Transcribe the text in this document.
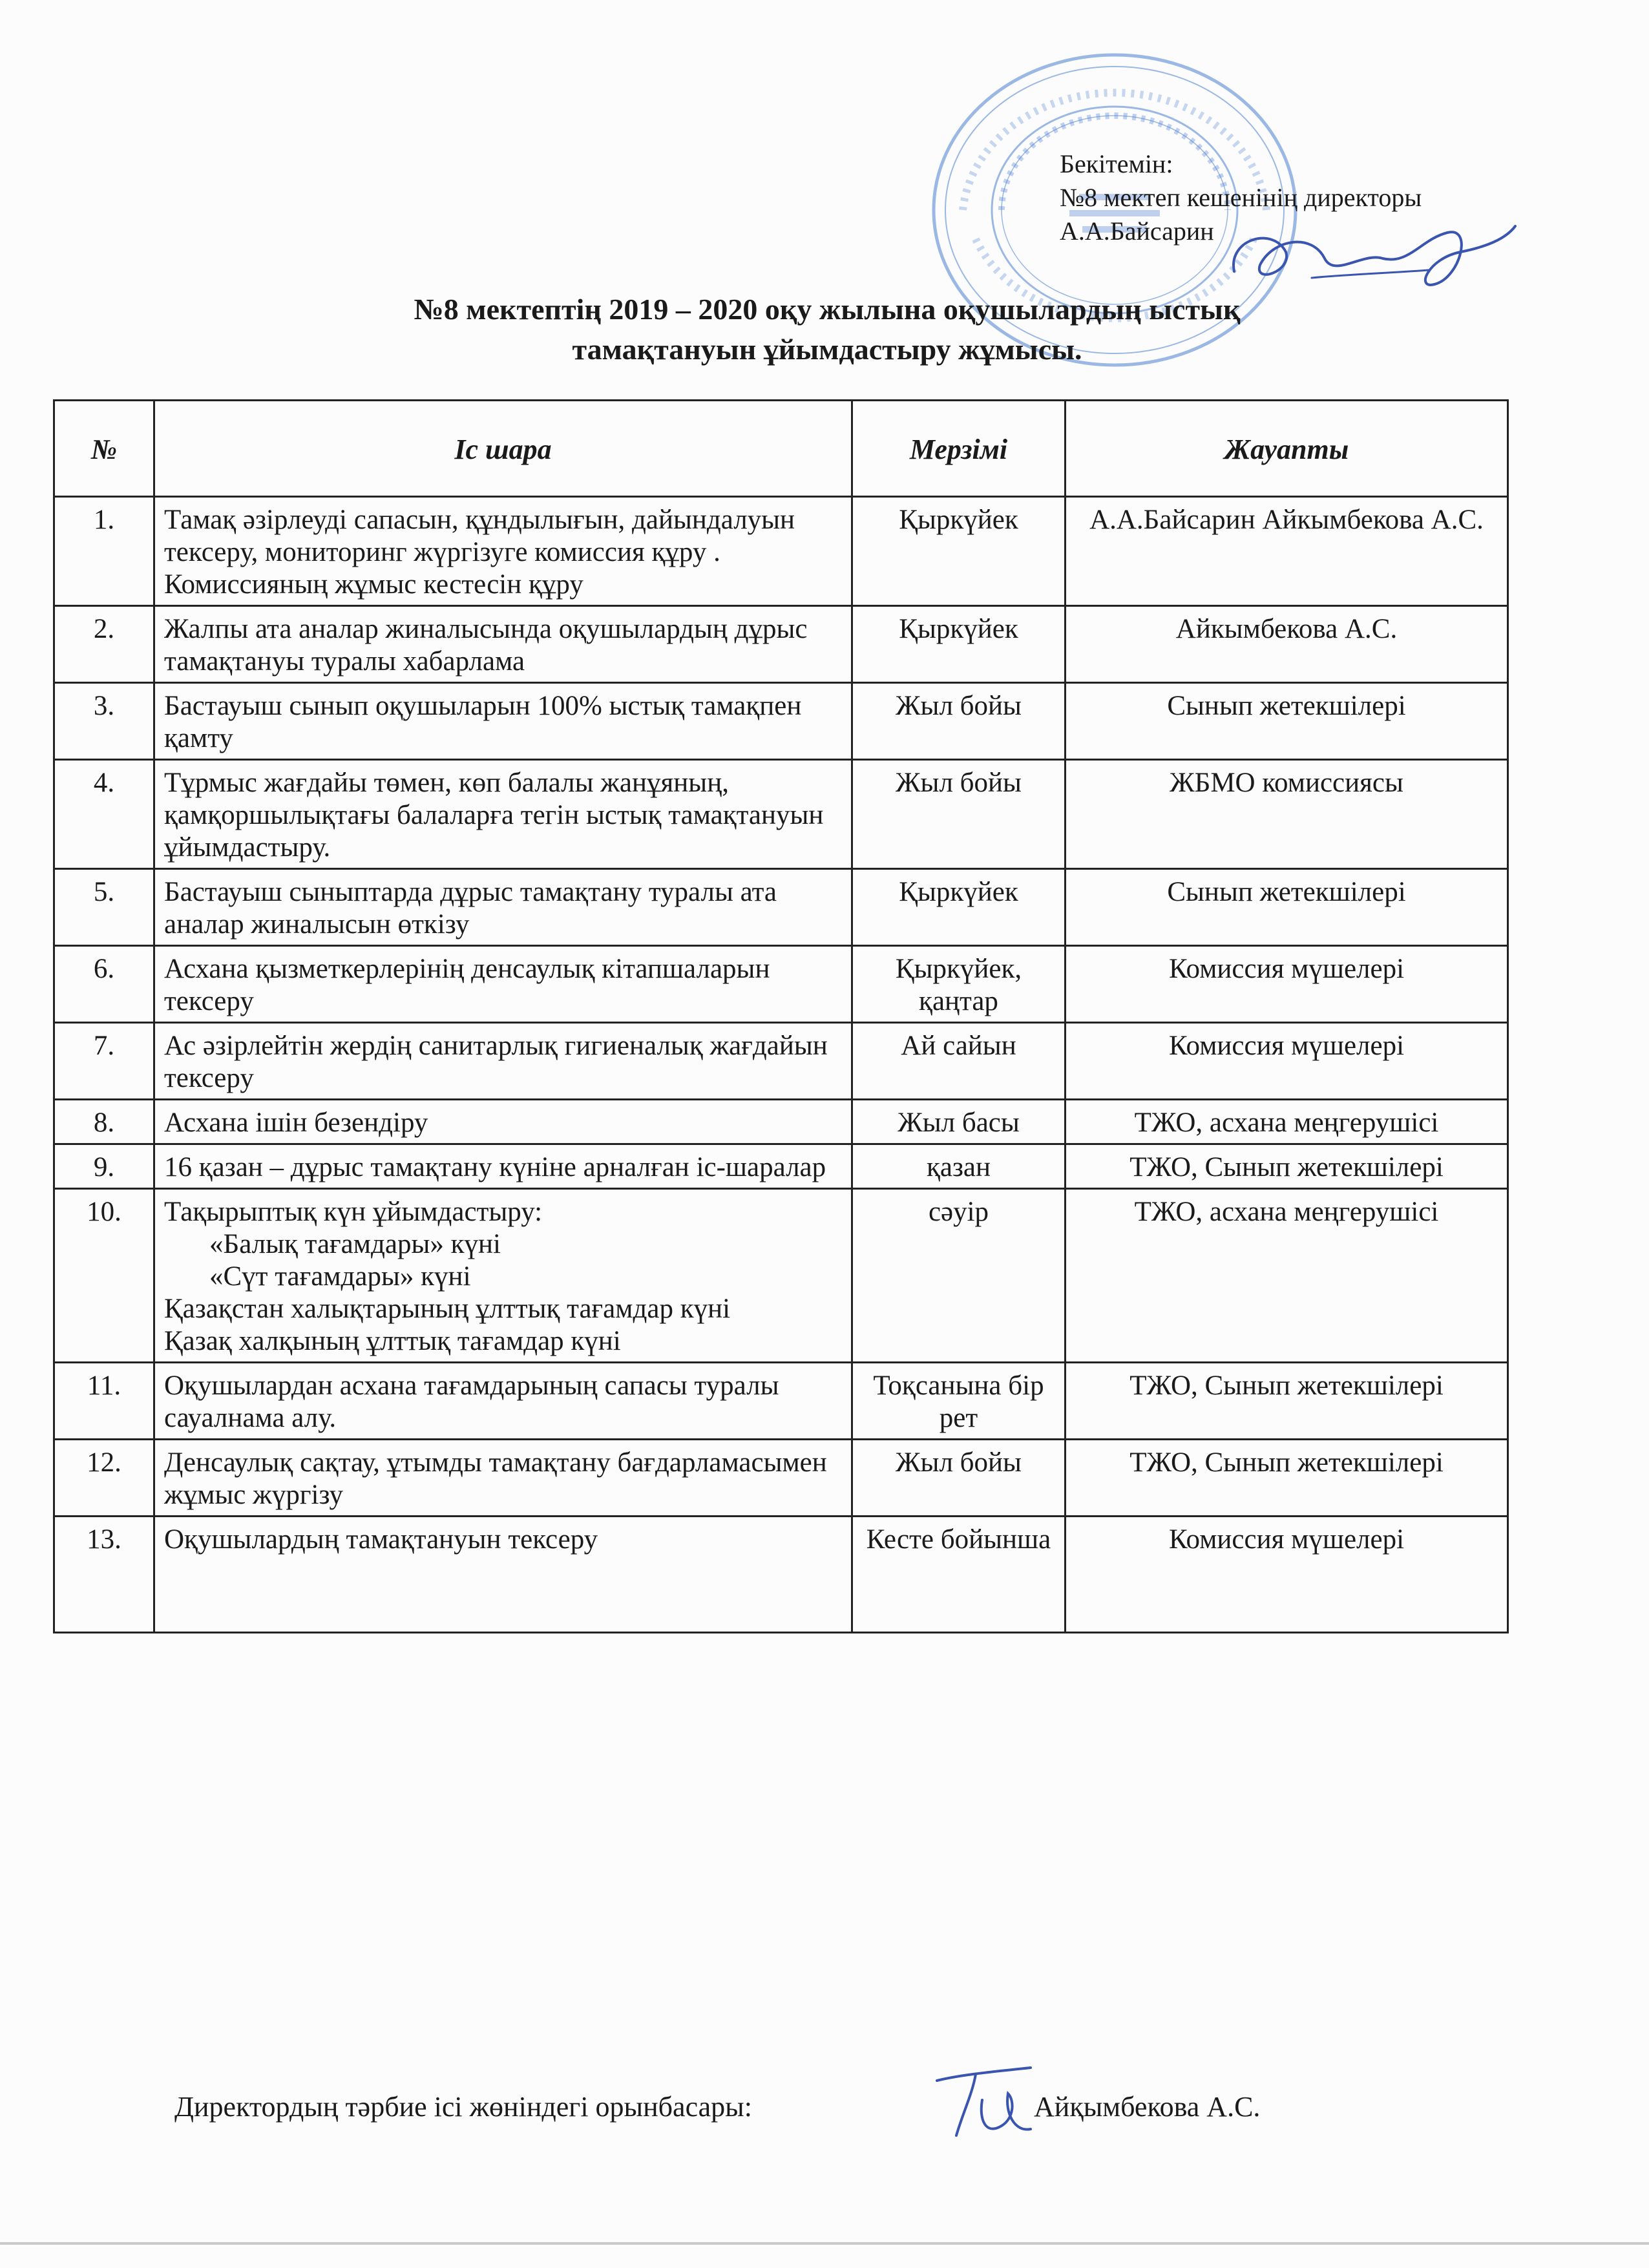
Бекітемін:
№8 мектеп кешенінің директоры
А.А.Байсарин
№8 мектептің 2019 – 2020 оқу жылына оқушылардың ыстық
тамақтануын ұйымдастыру жұмысы.
№	Іс шара	Мерзімі	Жауапты
1.	Тамақ әзірлеуді сапасын, құндылығын, дайындалуын тексеру, мониторинг жүргізуге комиссия құру . Комиссияның жұмыс кестесін құру	Қыркүйек	А.А.Байсарин Айкымбекова А.С.
2.	Жалпы ата аналар жиналысында оқушылардың дұрыс тамақтануы туралы хабарлама	Қыркүйек	Айкымбекова А.С.
3.	Бастауыш сынып оқушыларын 100% ыстық тамақпен қамту	Жыл бойы	Сынып жетекшілері
4.	Тұрмыс жағдайы төмен, көп балалы жанұяның, қамқоршылықтағы балаларға тегін ыстық тамақтануын ұйымдастыру.	Жыл бойы	ЖБМО комиссиясы
5.	Бастауыш сыныптарда дұрыс тамақтану туралы ата аналар жиналысын өткізу	Қыркүйек	Сынып жетекшілері
6.	Асхана қызметкерлерінің денсаулық кітапшаларын тексеру	Қыркүйек, қаңтар	Комиссия мүшелері
7.	Ас әзірлейтін жердің санитарлық гигиеналық жағдайын тексеру	Ай сайын	Комиссия мүшелері
8.	Асхана ішін безендіру	Жыл басы	ТЖО, асхана меңгерушісі
9.	16 қазан – дұрыс тамақтану күніне арналған іс-шаралар	қазан	ТЖО, Сынып жетекшілері
10.	Тақырыптық күн ұйымдастыру:
«Балық тағамдары» күні
«Сүт тағамдары» күні
Қазақстан халықтарының ұлттық тағамдар күні
Қазақ халқының ұлттық тағамдар күні	сәуір	ТЖО, асхана меңгерушісі
11.	Оқушылардан асхана тағамдарының сапасы туралы сауалнама алу.	Тоқсанына бір рет	ТЖО, Сынып жетекшілері
12.	Денсаулық сақтау, ұтымды тамақтану бағдарламасымен жұмыс жүргізу	Жыл бойы	ТЖО, Сынып жетекшілері
13.	Оқушылардың тамақтануын тексеру	Кесте бойынша	Комиссия мүшелері
Директордың тәрбие ісі жөніндегі орынбасары:	Айқымбекова А.С.
